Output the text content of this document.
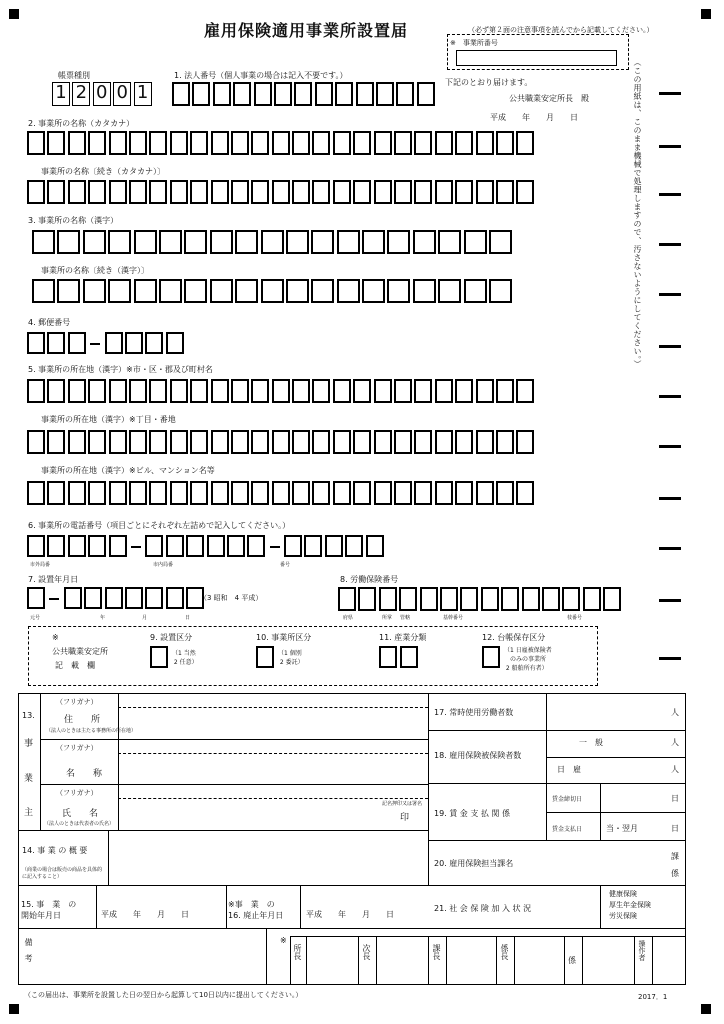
雇用保険適用事業所設置届	（必ず第２面の注意事項を読んでから記載してください。）
※　事業所番号
帳票種別
1 2 0 0 1
1. 法人番号（個人事業の場合は記入不要です。）
下記のとおり届けます。
公共職業安定所長　殿
平成　　年　　月　　日	（この用紙は、このまま機械で処理しますので、汚さないようにしてください。）
2. 事業所の名称（カタカナ）
事業所の名称〔続き（カタカナ）〕
3. 事業所の名称（漢字）
事業所の名称〔続き（漢字）〕
4. 郵便番号
5. 事業所の所在地（漢字）※市・区・郡及び町村名
事業所の所在地（漢字）※丁目・番地
事業所の所在地（漢字）※ビル、マンション名等
6. 事業所の電話番号（項目ごとにそれぞれ左詰めで記入してください。）
市外局番	市内局番	番号
7. 設置年月日
（3 昭和　4 平成）
元号	年	月	日
8. 労働保険番号
府県	所掌 管轄	基幹番号	枝番号
※
公共職業安定所
記　載　欄
9. 設置区分
（1 当然
2 任意）
10. 事業所区分
（1 個別
2 委託）
11. 産業分類	12. 台帳保存区分
（1 日雇被保険者
　のみの事業所
2 船舶所有者）
13.
事
業
主
（フリガナ）
住　　所
（法人のときは主たる事務所の所在地）
（フリガナ）
名　　称
（フリガナ）
氏　　名
（法人のときは代表者の氏名）
記名押印又は署名
印
14. 事 業 の 概 要
（商業の場合は販売の商品を具体的に記入すること）
15. 事　業　の
開始年月日	平成　　年　　月　　日
※事　業　の
16. 廃止年月日	平成　　年　　月　　日
17. 常時使用労働者数	人
18. 雇用保険被保険者数
一　般	人
日　雇	人
19. 賃 金 支 払 関 係
賃金締切日	日
賃金支払日	当・翌月	日
20. 雇用保険担当課名
課
係
21. 社 会 保 険 加 入 状 況
健康保険
厚生年金保険
労災保険
備　考	※
所長	次長	課長	係長
係	操作者
（この届出は、事業所を設置した日の翌日から起算して10日以内に提出してください。）	2017．1
